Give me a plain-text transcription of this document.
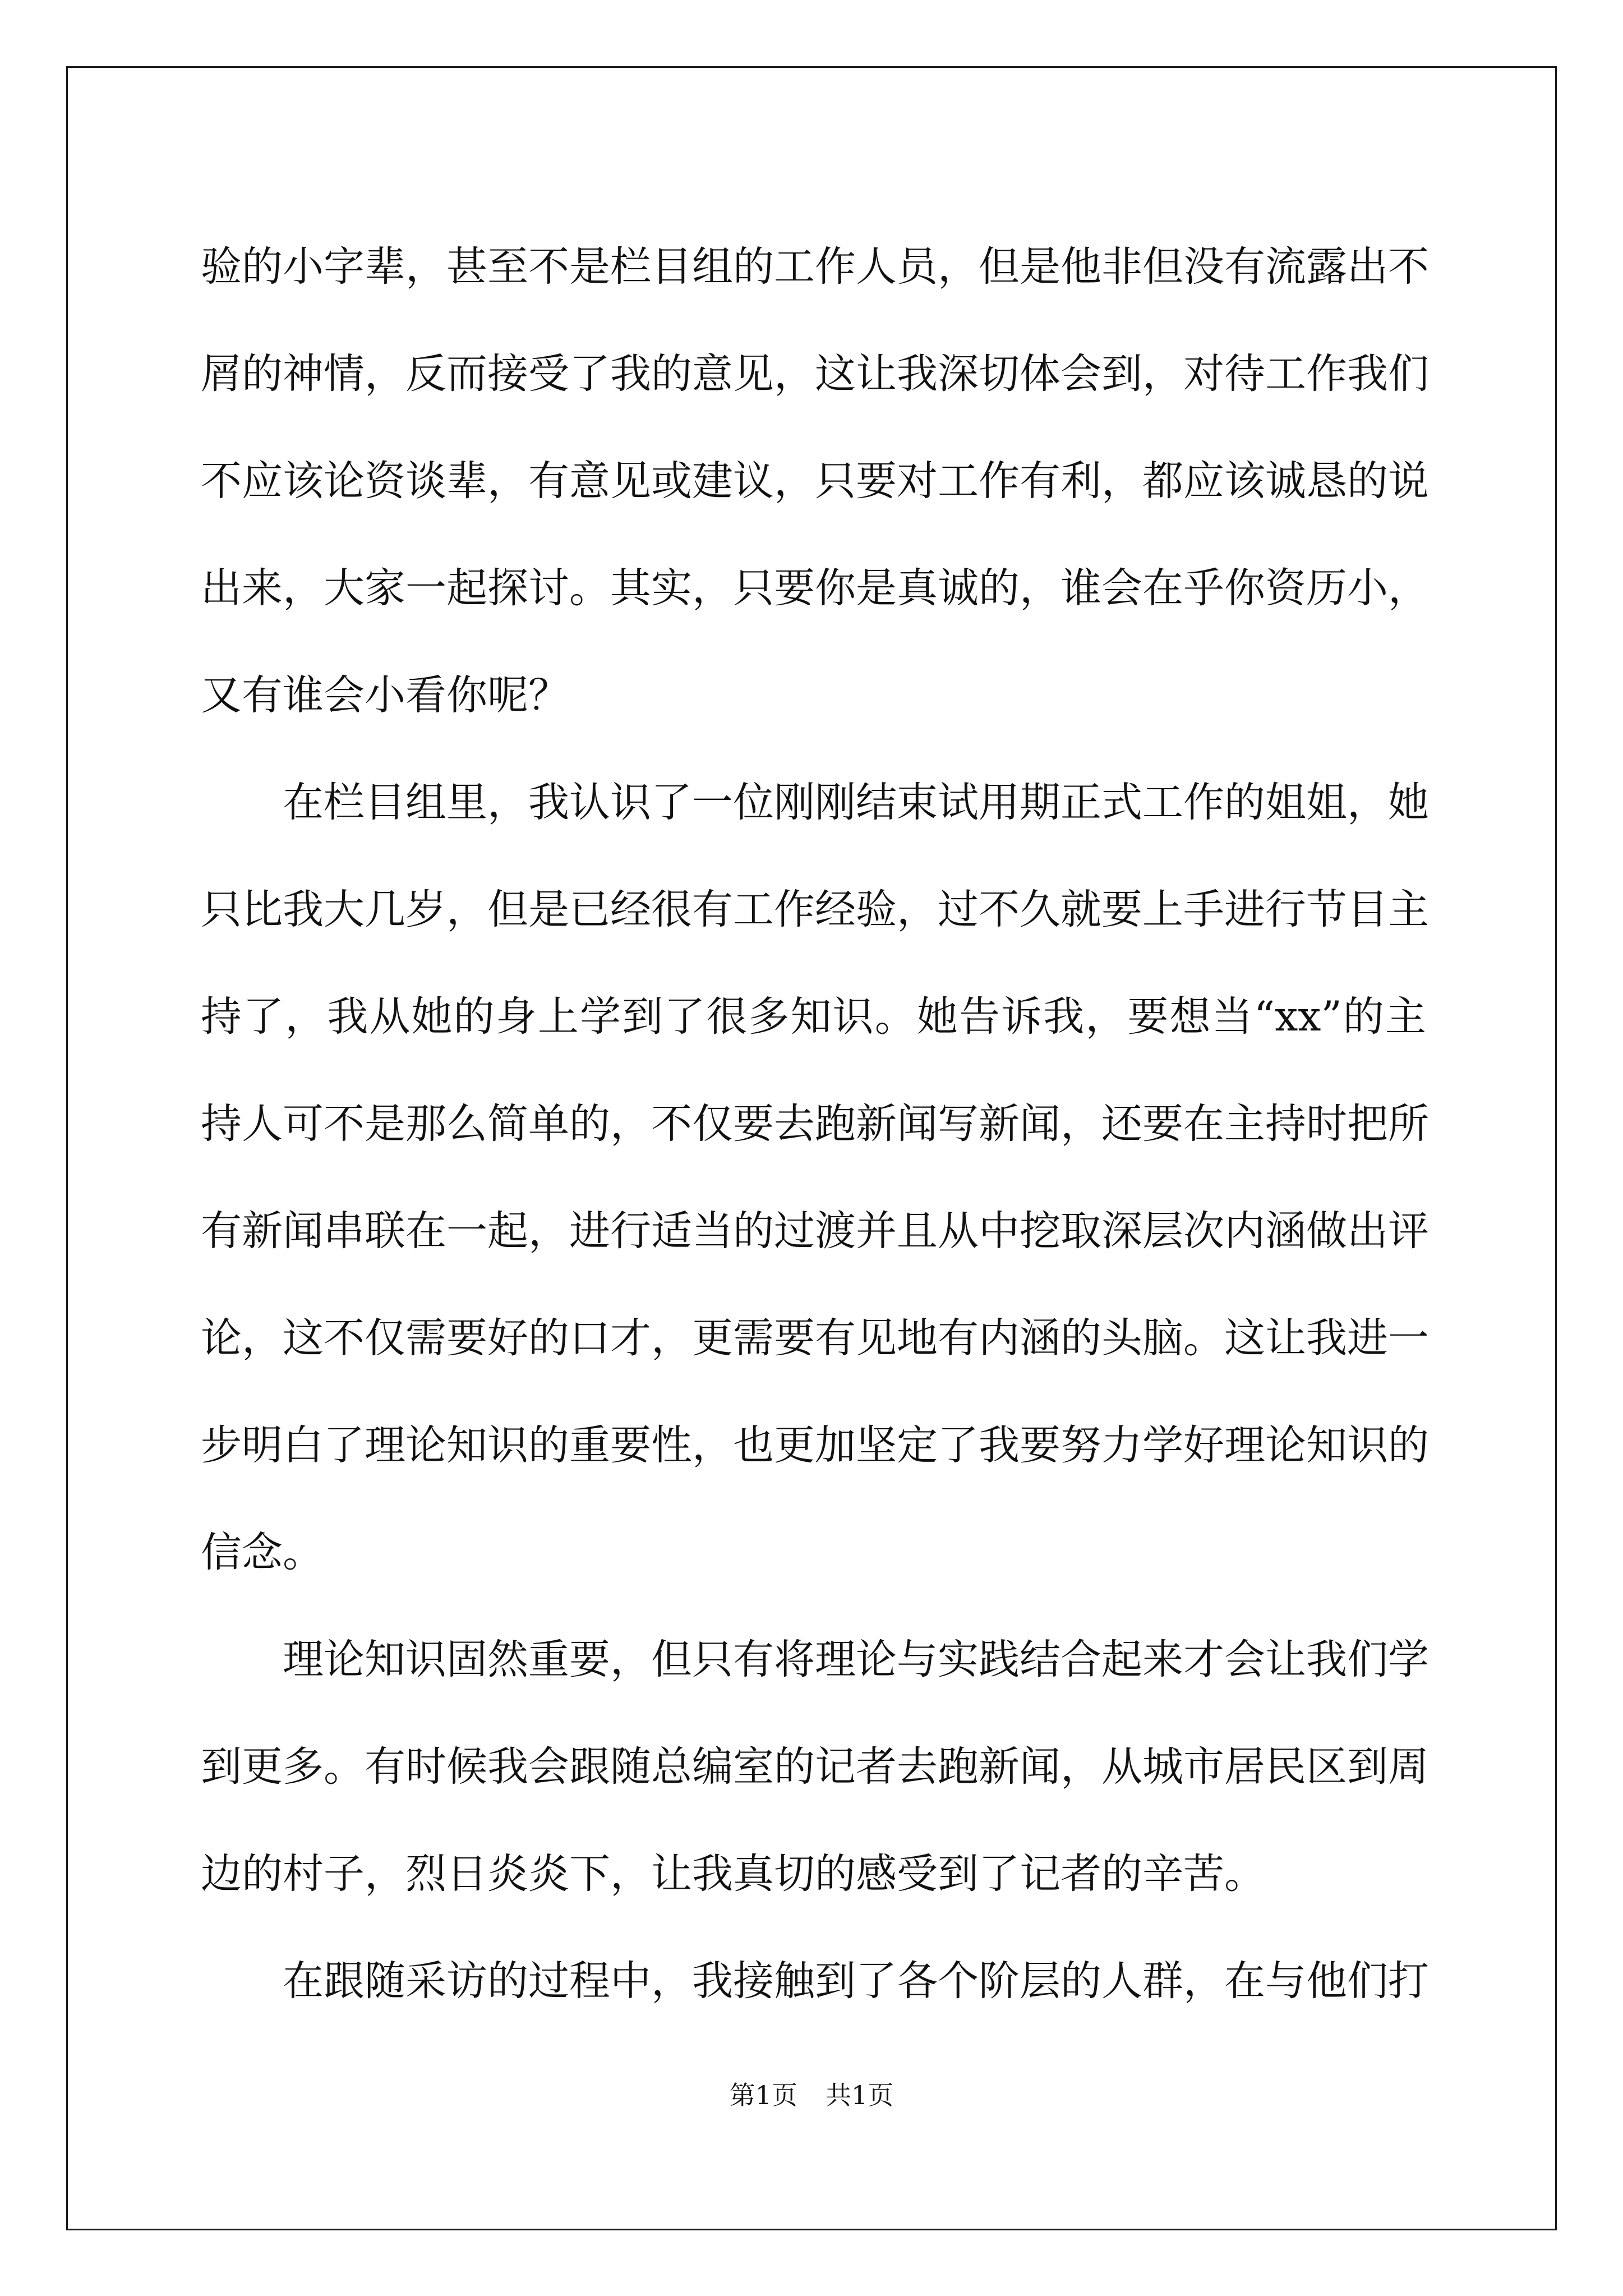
验的小字辈，甚至不是栏目组的工作人员，但是他非但没有流露出不
屑的神情，反而接受了我的意见，这让我深切体会到，对待工作我们
不应该论资谈辈，有意见或建议，只要对工作有利，都应该诚恳的说
出来，大家一起探讨。其实，只要你是真诚的，谁会在乎你资历小，
又有谁会小看你呢？
在栏目组里，我认识了一位刚刚结束试用期正式工作的姐姐，她
只比我大几岁，但是已经很有工作经验，过不久就要上手进行节目主
持了，我从她的身上学到了很多知识。她告诉我，要想当“xx”的主
持人可不是那么简单的，不仅要去跑新闻写新闻，还要在主持时把所
有新闻串联在一起，进行适当的过渡并且从中挖取深层次内涵做出评
论，这不仅需要好的口才，更需要有见地有内涵的头脑。这让我进一
步明白了理论知识的重要性，也更加坚定了我要努力学好理论知识的
信念。
理论知识固然重要，但只有将理论与实践结合起来才会让我们学
到更多。有时候我会跟随总编室的记者去跑新闻，从城市居民区到周
边的村子，烈日炎炎下，让我真切的感受到了记者的辛苦。
在跟随采访的过程中，我接触到了各个阶层的人群，在与他们打
第1页 共1页
